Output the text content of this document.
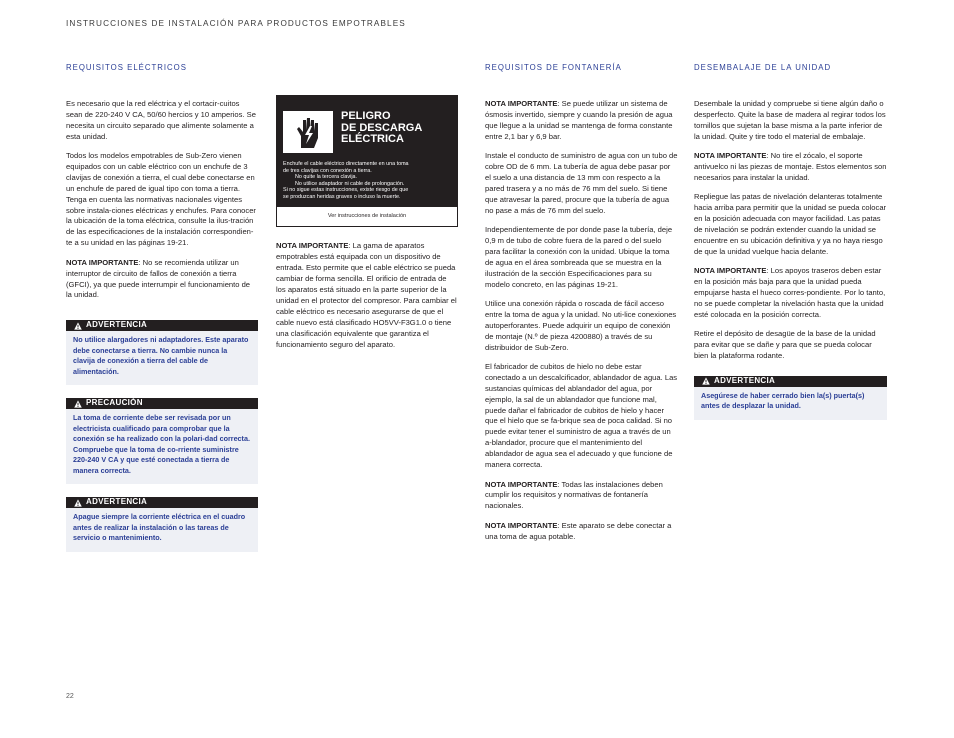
INSTRUCCIONES DE INSTALACIÓN PARA PRODUCTOS EMPOTRABLES
REQUISITOS ELÉCTRICOS

Es necesario que la red eléctrica y el cortacir-cuitos sean de 220-240 V CA, 50/60 hercios y 10 amperios. Se necesita un circuito separado que alimente solamente a esta unidad.

Todos los modelos empotrables de Sub-Zero vienen equipados con un cable eléctrico con un enchufe de 3 clavijas de conexión a tierra, el cual debe conectarse en un enchufe de pared de igual tipo con toma a tierra. Tenga en cuenta las normativas nacionales vigentes sobre instala-ciones eléctricas y enchufes. Para conocer la ubicación de la toma eléctrica, consulte la ilus-tración de las especificaciones de la instalación correspondien-te a su unidad en las páginas 19-21.

NOTA IMPORTANTE: No se recomienda utilizar un interruptor de circuito de fallos de conexión a tierra (GFCI), ya que puede interrumpir el funcionamiento de la unidad.

ADVERTENCIA
No utilice alargadores ni adaptadores. Este aparato debe conectarse a tierra. No cambie nunca la clavija de conexión a tierra del cable de alimentación.
PRECAUCIÓN
La toma de corriente debe ser revisada por un electricista cualificado para comprobar que la conexión se ha realizado con la polari-dad correcta. Compruebe que la toma de co-rriente suministre 220-240 V CA y que esté conectada a tierra de manera correcta.
ADVERTENCIA
Apague siempre la corriente eléctrica en el cuadro antes de realizar la instalación o las tareas de servicio o mantenimiento.
PELIGRO
DE DESCARGA
ELÉCTRICA
Enchufe el cable eléctrico directamente en una toma
de tres clavijas con conexión a tierra.
No quite la tercera clavija.
No utilice adaptador ni cable de prolongación.
Si no sigue estas instrucciones, existe riesgo de que
se produzcan heridas graves o incluso la muerte.
Ver instrucciones de instalación

NOTA IMPORTANTE: La gama de aparatos empotrables está equipada con un dispositivo de entrada. Esto permite que el cable eléctrico se pueda cambiar de forma sencilla. El orificio de entrada de los aparatos está situado en la parte superior de la unidad en el protector del compresor. Para cambiar el cable eléctrico es necesario asegurarse de que el cable nuevo está clasificado HO5VV-F3G1.0 o tiene una clasificación equivalente que garantiza el funcionamiento seguro del aparato.

REQUISITOS DE FONTANERÍA

NOTA IMPORTANTE: Se puede utilizar un sistema de ósmosis invertido, siempre y cuando la presión de agua que llegue a la unidad se mantenga de forma constante entre 2,1 bar y 6,9 bar.

Instale el conducto de suministro de agua con un tubo de cobre OD de 6 mm. La tubería de agua debe pasar por el suelo a una distancia de 13 mm con respecto a la pared trasera y a no más de 76 mm del suelo. Si tiene que atravesar la pared, procure que la tubería de agua no pase a más de 76 mm del suelo.

Independientemente de por donde pase la tubería, deje 0,9 m de tubo de cobre fuera de la pared o del suelo para facilitar la conexión con la unidad. Ubique la toma de agua en el área sombreada que se muestra en la ilustración de la sección Especificaciones para su modelo concreto, en las páginas 19-21.

Utilice una conexión rápida o roscada de fácil acceso entre la toma de agua y la unidad. No uti-lice conexiones autoperforantes. Puede adquirir un equipo de conexión de montaje (N.º de pieza 4200880) a través de su distribuidor de Sub-Zero.

El fabricador de cubitos de hielo no debe estar conectado a un descalcificador, ablandador de agua. Las sustancias químicas del ablandador del agua, por ejemplo, la sal de un ablandador que funcione mal, puede dañar el fabricador de cubitos de hielo y hacer que el hielo que se fa-brique sea de poca calidad. Si no puede evitar tener el suministro de agua a través de un a-blandador, procure que el mantenimiento del ablandador de agua sea el adecuado y que funcione de manera correcta.

NOTA IMPORTANTE: Todas las instalaciones deben cumplir los requisitos y normativas de fontanería nacionales.

NOTA IMPORTANTE: Este aparato se debe conectar a una toma de agua potable.

DESEMBALAJE DE LA UNIDAD

Desembale la unidad y compruebe si tiene algún daño o desperfecto. Quite la base de madera al regirar todos los tornillos que sujetan la base misma a la parte inferior de la unidad. Quite y tire todo el material de embalaje.

NOTA IMPORTANTE: No tire el zócalo, el soporte antivuelco ni las piezas de montaje. Estos elementos son necesarios para instalar la unidad.

Repliegue las patas de nivelación delanteras totalmente hacia arriba para permitir que la unidad se pueda colocar en la posición adecuada con mayor facilidad. Las patas de nivelación se podrán extender cuando la unidad se encuentre en su ubicación definitiva y ya no haya riesgo de que la unidad vuelque hacia delante.

NOTA IMPORTANTE: Los apoyos traseros deben estar en la posición más baja para que la unidad pueda empujarse hasta el hueco corres-pondiente. Por lo tanto, no se puede completar la nivelación hasta que la unidad esté colocada en la posición correcta.

Retire el depósito de desagüe de la base de la unidad para evitar que se dañe y para que se pueda colocar bien la plataforma rodante.

ADVERTENCIA
Asegúrese de haber cerrado bien la(s) puerta(s) antes de desplazar la unidad.
22
